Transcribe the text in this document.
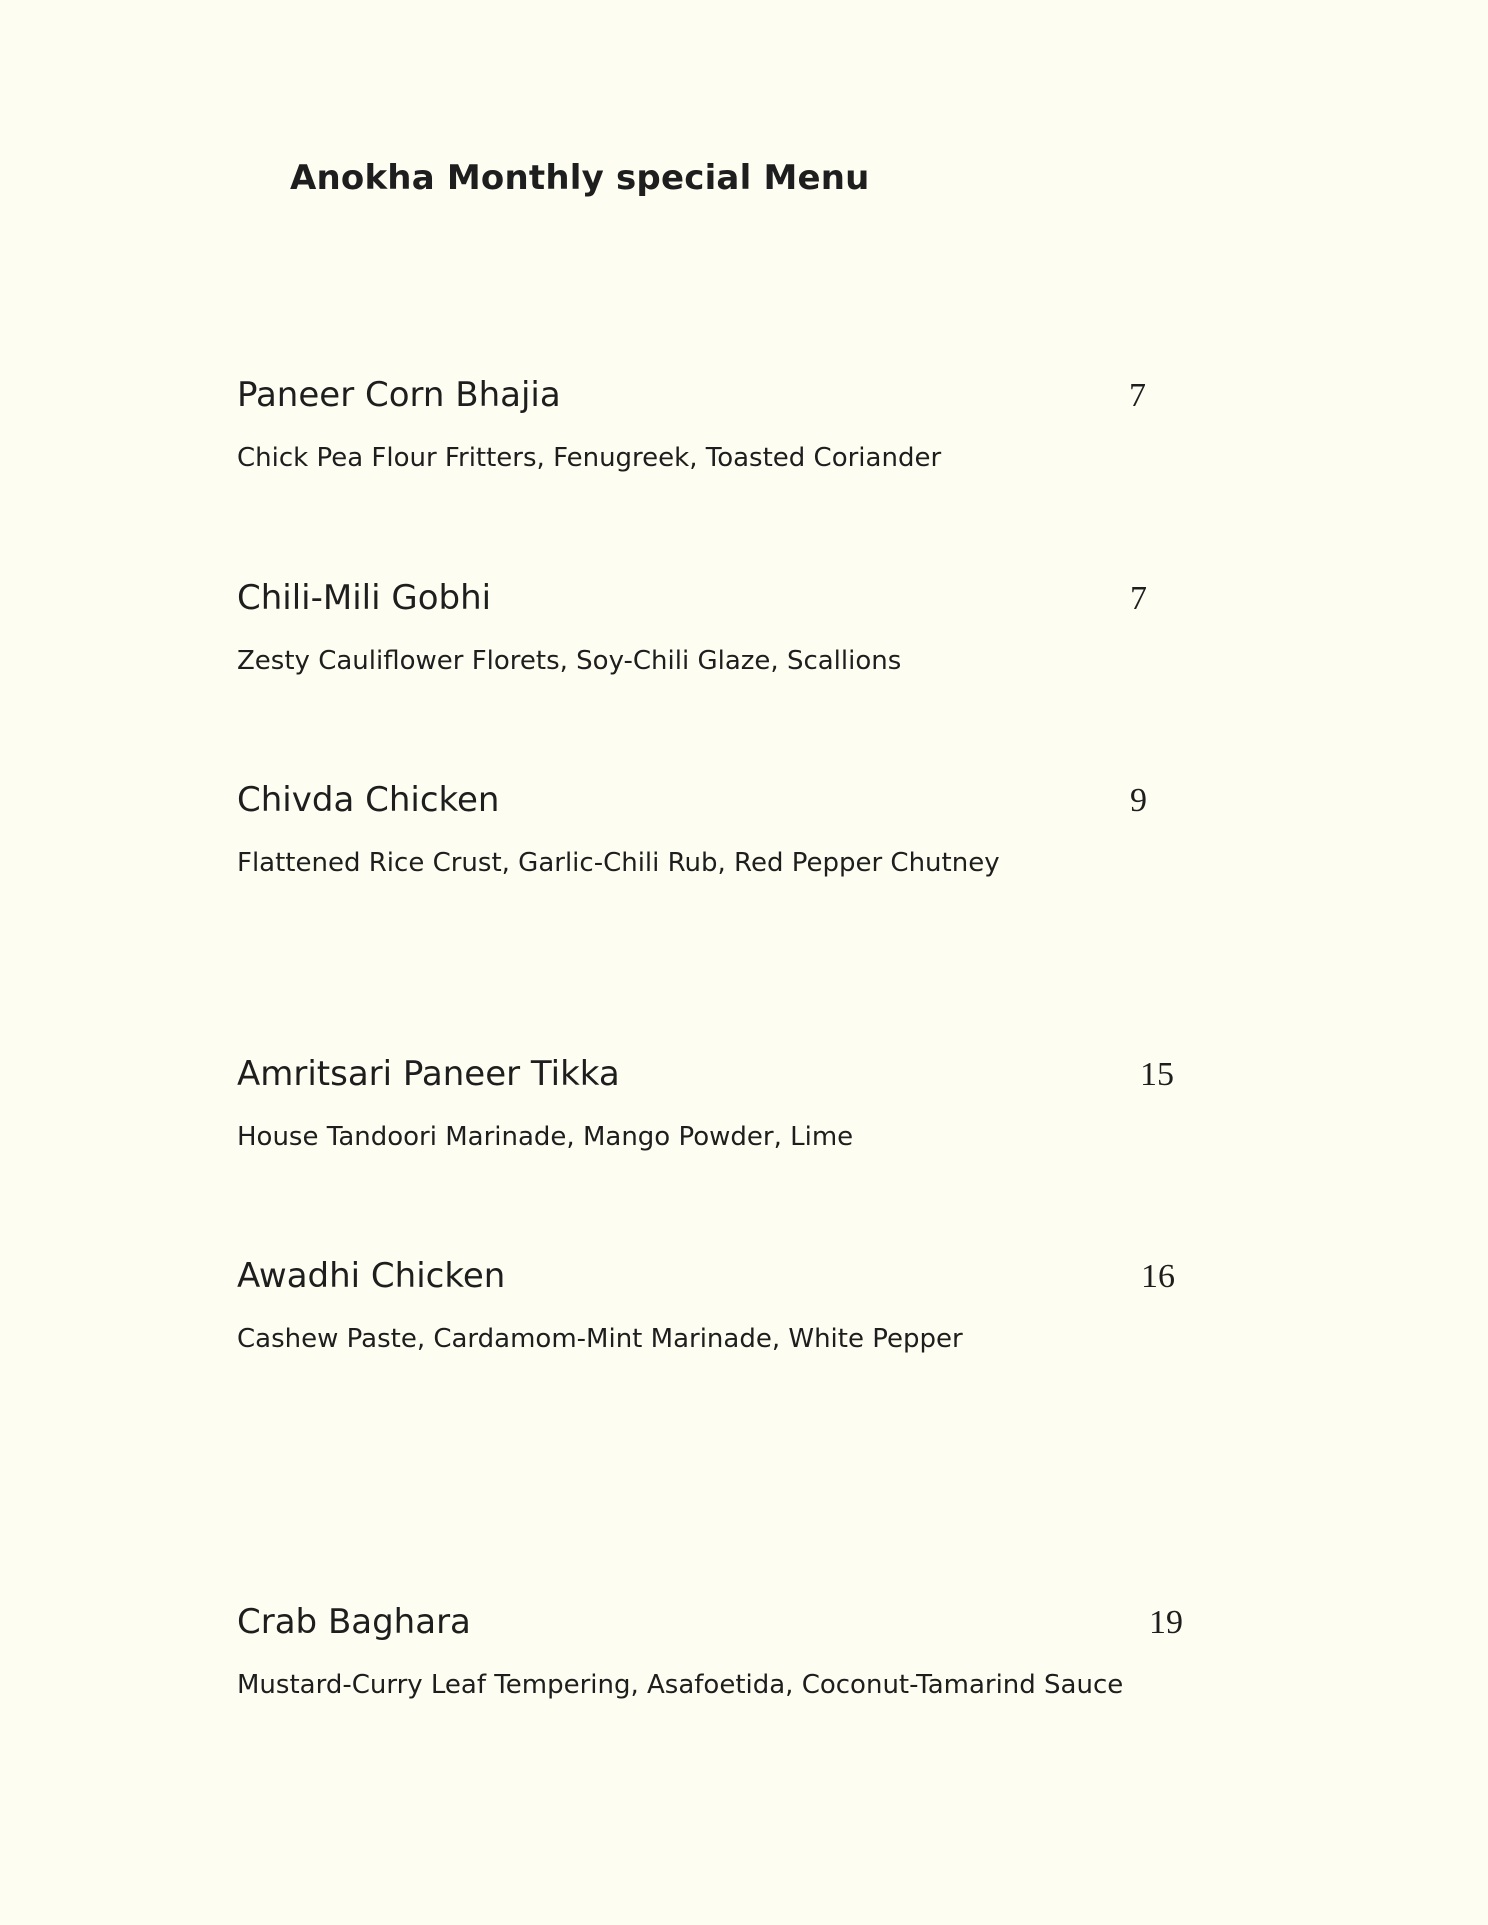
Anokha Monthly special Menu
Paneer Corn Bhajia	7
Chick Pea Flour Fritters, Fenugreek, Toasted Coriander
Chili-Mili Gobhi	7
Zesty Cauliflower Florets, Soy-Chili Glaze, Scallions
Chivda Chicken	9
Flattened Rice Crust, Garlic-Chili Rub, Red Pepper Chutney
Amritsari Paneer Tikka	15
House Tandoori Marinade, Mango Powder, Lime
Awadhi Chicken	16
Cashew Paste, Cardamom-Mint Marinade, White Pepper
Crab Baghara	19
Mustard-Curry Leaf Tempering, Asafoetida, Coconut-Tamarind Sauce
